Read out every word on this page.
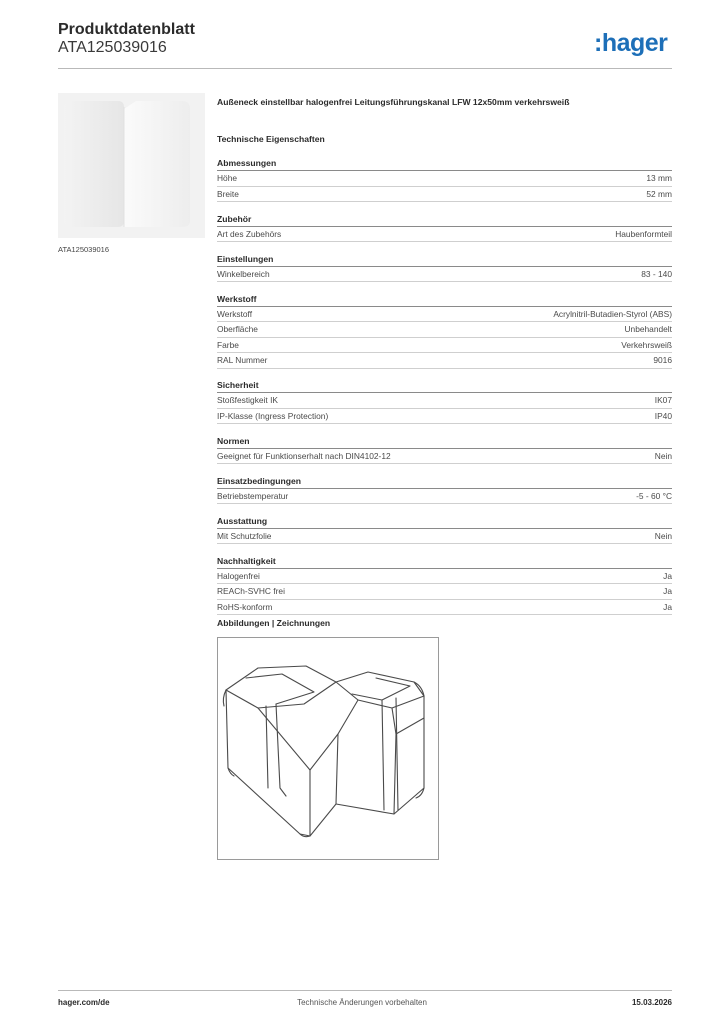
Produktdatenblatt
ATA125039016	:hager
ATA125039016
Außeneck einstellbar halogenfrei Leitungsführungskanal LFW 12x50mm verkehrsweiß
Technische Eigenschaften
Abmessungen
Höhe	13 mm
Breite	52 mm
Zubehör
Art des Zubehörs	Haubenformteil
Einstellungen
Winkelbereich	83 - 140
Werkstoff
Werkstoff	Acrylnitril-Butadien-Styrol (ABS)
Oberfläche	Unbehandelt
Farbe	Verkehrsweiß
RAL Nummer	9016
Sicherheit
Stoßfestigkeit IK	IK07
IP-Klasse (Ingress Protection)	IP40
Normen
Geeignet für Funktionserhalt nach DIN4102-12	Nein
Einsatzbedingungen
Betriebstemperatur	-5 - 60 °C
Ausstattung
Mit Schutzfolie	Nein
Nachhaltigkeit
Halogenfrei	Ja
REACh-SVHC frei	Ja
RoHS-konform	Ja
Abbildungen | Zeichnungen
hager.com/de	Technische Änderungen vorbehalten	15.03.2026
